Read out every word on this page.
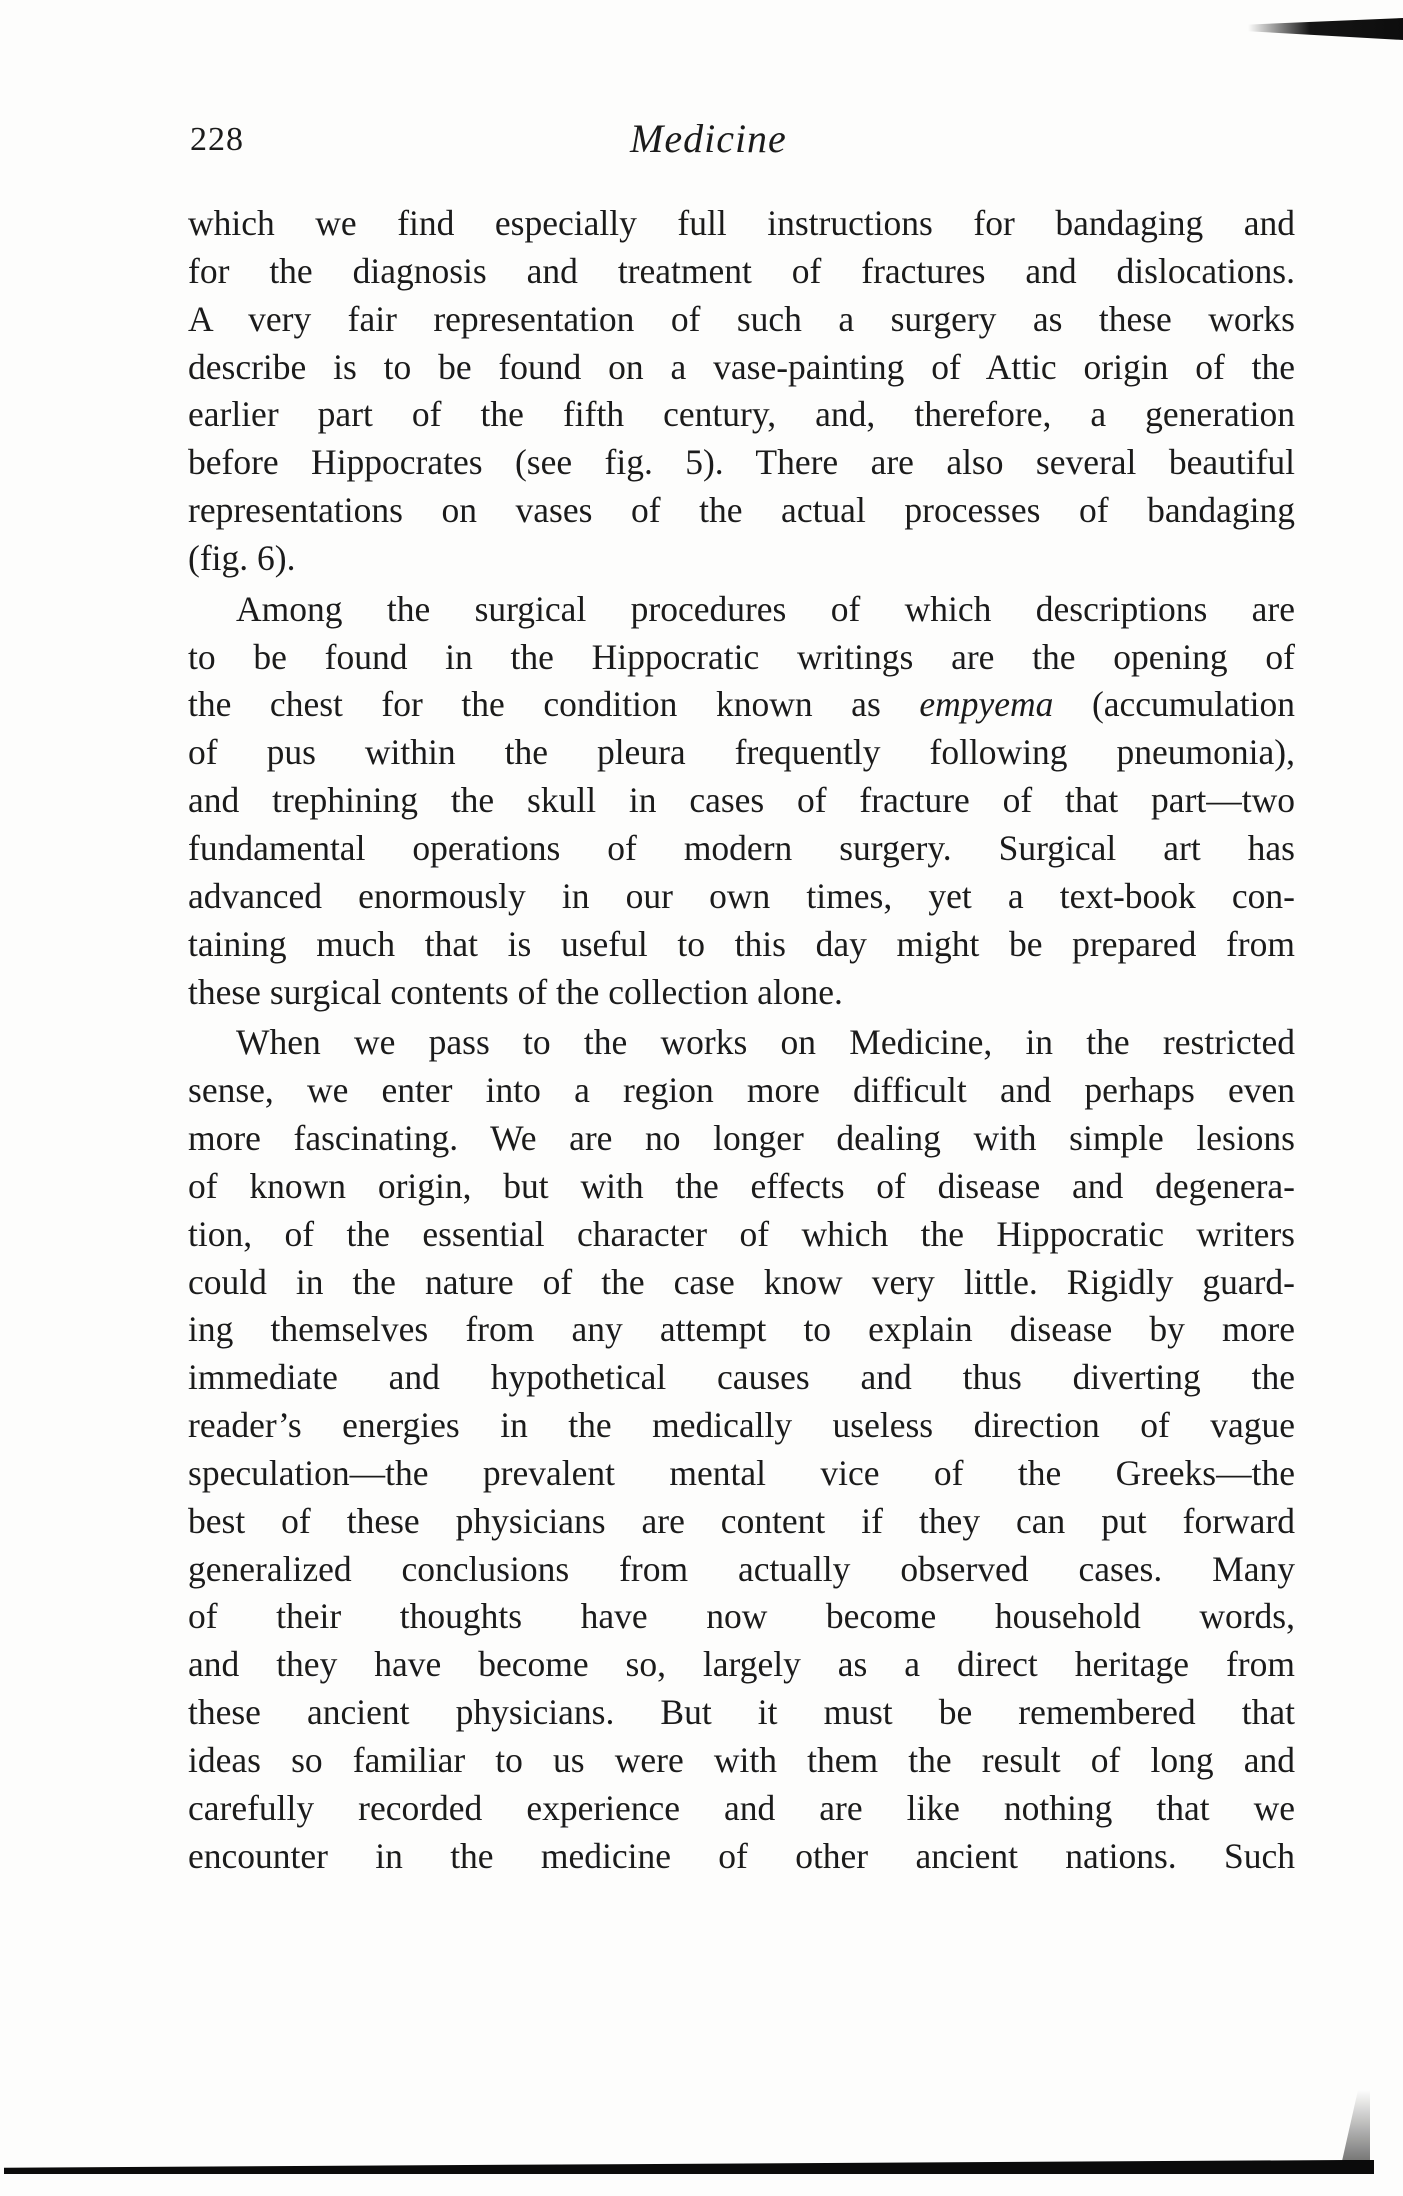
228	Medicine
which we find especially full instructions for bandaging and
for the diagnosis and treatment of fractures and dislocations.
A very fair representation of such a surgery as these works
describe is to be found on a vase-painting of Attic origin of the
earlier part of the fifth century, and, therefore, a generation
before Hippocrates (see fig. 5). There are also several beautiful
representations on vases of the actual processes of bandaging
(fig. 6).
Among the surgical procedures of which descriptions are
to be found in the Hippocratic writings are the opening of
the chest for the condition known as empyema (accumulation
of pus within the pleura frequently following pneumonia),
and trephining the skull in cases of fracture of that part—two
fundamental operations of modern surgery. Surgical art has
advanced enormously in our own times, yet a text-book con-
taining much that is useful to this day might be prepared from
these surgical contents of the collection alone.
When we pass to the works on Medicine, in the restricted
sense, we enter into a region more difficult and perhaps even
more fascinating. We are no longer dealing with simple lesions
of known origin, but with the effects of disease and degenera-
tion, of the essential character of which the Hippocratic writers
could in the nature of the case know very little. Rigidly guard-
ing themselves from any attempt to explain disease by more
immediate and hypothetical causes and thus diverting the
reader’s energies in the medically useless direction of vague
speculation—the prevalent mental vice of the Greeks—the
best of these physicians are content if they can put forward
generalized conclusions from actually observed cases. Many
of their thoughts have now become household words,
and they have become so, largely as a direct heritage from
these ancient physicians. But it must be remembered that
ideas so familiar to us were with them the result of long and
carefully recorded experience and are like nothing that we
encounter in the medicine of other ancient nations. Such
